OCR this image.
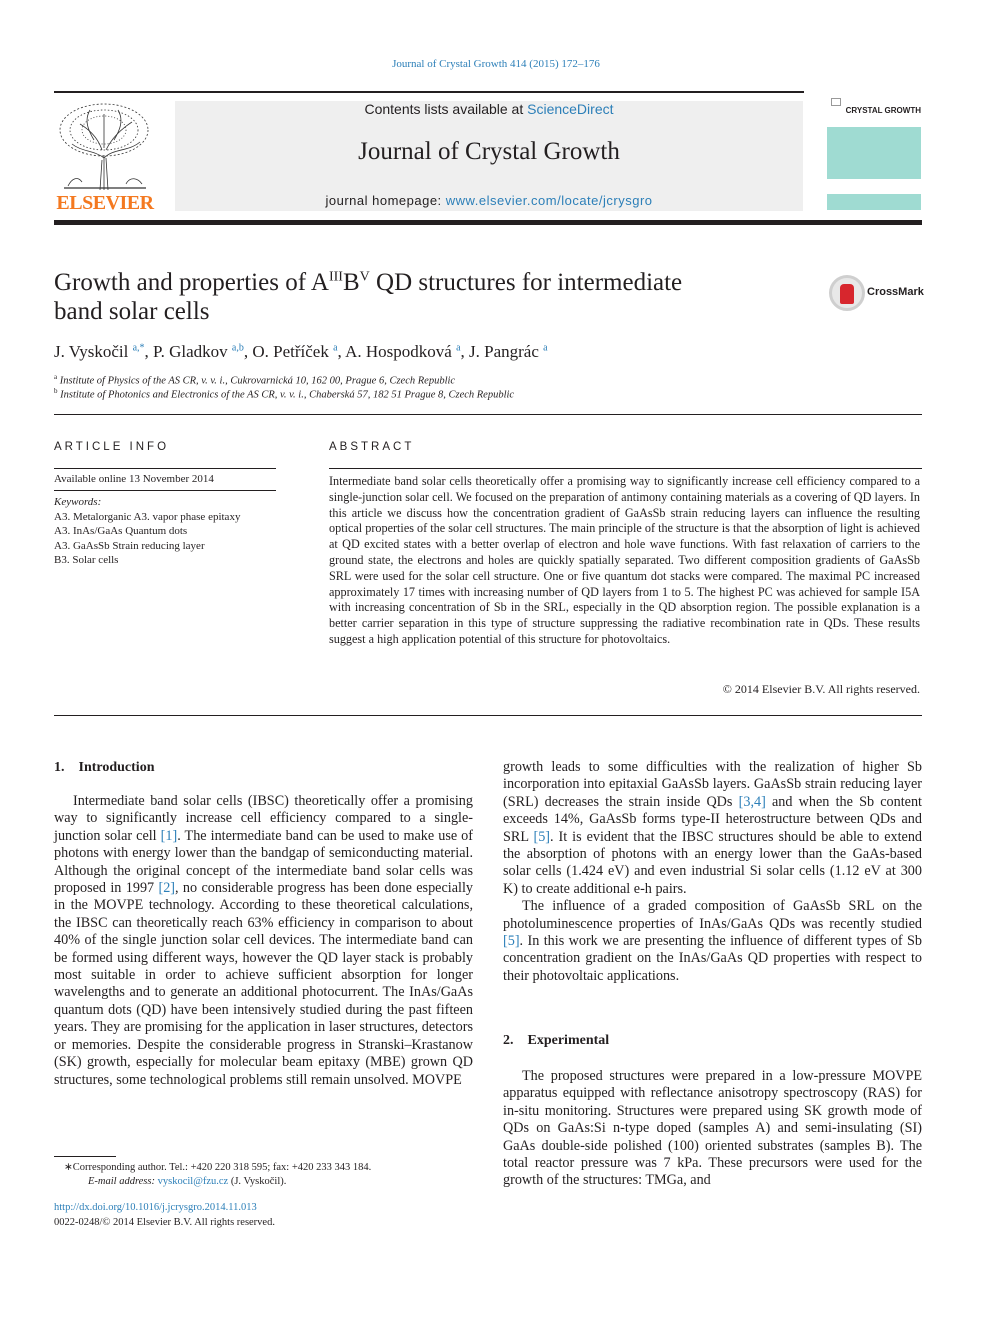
Journal of Crystal Growth 414 (2015) 172–176
ELSEVIER
Contents lists available at ScienceDirect
Journal of Crystal Growth
journal homepage: www.elsevier.com/locate/jcrysgro
CRYSTAL GROWTH
Growth and properties of $A^{III}B^V$ QD structures for intermediate
band solar cells
CrossMark
J. Vyskočil $^{a,*}$, P. Gladkov $^{a,b}$, O. Petříček $^a$, A. Hospodková $^a$, J. Pangrác $^a$
$^a$ Institute of Physics of the AS CR, v. v. i., Cukrovarnická 10, 162 00, Prague 6, Czech Republic
$^b$ Institute of Photonics and Electronics of the AS CR, v. v. i., Chaberská 57, 182 51 Prague 8, Czech Republic
ARTICLE INFO
Available online 13 November 2014
Keywords:
A3. Metalorganic A3. vapor phase epitaxy
A3. InAs/GaAs Quantum dots
A3. GaAsSb Strain reducing layer
B3. Solar cells
ABSTRACT
Intermediate band solar cells theoretically offer a promising way to significantly increase cell efficiency compared to a single-junction solar cell. We focused on the preparation of antimony containing materials as a covering of QD layers. In this article we discuss how the concentration gradient of GaAsSb strain reducing layers can influence the resulting optical properties of the solar cell structures. The main principle of the structure is that the absorption of light is achieved at QD excited states with a better overlap of electron and hole wave functions. With fast relaxation of carriers to the ground state, the electrons and holes are quickly spatially separated. Two different composition gradients of GaAsSb SRL were used for the solar cell structure. One or five quantum dot stacks were compared. The maximal PC increased approximately 17 times with increasing number of QD layers from 1 to 5. The highest PC was achieved for sample I5A with increasing concentration of Sb in the SRL, especially in the QD absorption region. The possible explanation is a better carrier separation in this type of structure suppressing the radiative recombination rate in QDs. These results suggest a high application potential of this structure for photovoltaics.
© 2014 Elsevier B.V. All rights reserved.
1. Introduction

Intermediate band solar cells (IBSC) theoretically offer a promising way to significantly increase cell efficiency compared to a single-junction solar cell [1]. The intermediate band can be used to make use of photons with energy lower than the bandgap of semiconducting material. Although the original concept of the intermediate band solar cells was proposed in 1997 [2], no considerable progress has been done especially in the MOVPE technology. According to these theoretical calculations, the IBSC can theoretically reach 63% efficiency in comparison to about 40% of the single junction solar cell devices. The intermediate band can be formed using different ways, however the QD layer stack is probably most suitable in order to achieve sufficient absorption for longer wavelengths and to generate an additional photocurrent. The InAs/GaAs quantum dots (QD) have been intensively studied during the past fifteen years. They are promising for the application in laser structures, detectors or memories. Despite the considerable progress in Stranski–Krastanow (SK) growth, especially for molecular beam epitaxy (MBE) grown QD structures, some technological problems still remain unsolved. MOVPE

growth leads to some difficulties with the realization of higher Sb incorporation into epitaxial GaAsSb layers. GaAsSb strain reducing layer (SRL) decreases the strain inside QDs [3,4] and when the Sb content exceeds 14%, GaAsSb forms type-II heterostructure between QDs and SRL [5]. It is evident that the IBSC structures should be able to extend the absorption of photons with an energy lower than the GaAs-based solar cells (1.424 eV) and even industrial Si solar cells (1.12 eV at 300 K) to create additional e-h pairs.

The influence of a graded composition of GaAsSb SRL on the photoluminescence properties of InAs/GaAs QDs was recently studied [5]. In this work we are presenting the influence of different types of Sb concentration gradient on the InAs/GaAs QD properties with respect to their photovoltaic applications.

2. Experimental

The proposed structures were prepared in a low-pressure MOVPE apparatus equipped with reflectance anisotropy spectroscopy (RAS) for in-situ monitoring. Structures were prepared using SK growth mode of QDs on GaAs:Si n-type doped (samples A) and semi-insulating (SI) GaAs double-side polished (100) oriented substrates (samples B). The total reactor pressure was 7 kPa. These precursors were used for the growth of the structures: TMGa, and

∗Corresponding author. Tel.: +420 220 318 595; fax: +420 233 343 184.
E-mail address: vyskocil@fzu.cz (J. Vyskočil).
http://dx.doi.org/10.1016/j.jcrysgro.2014.11.013
0022-0248/© 2014 Elsevier B.V. All rights reserved.
